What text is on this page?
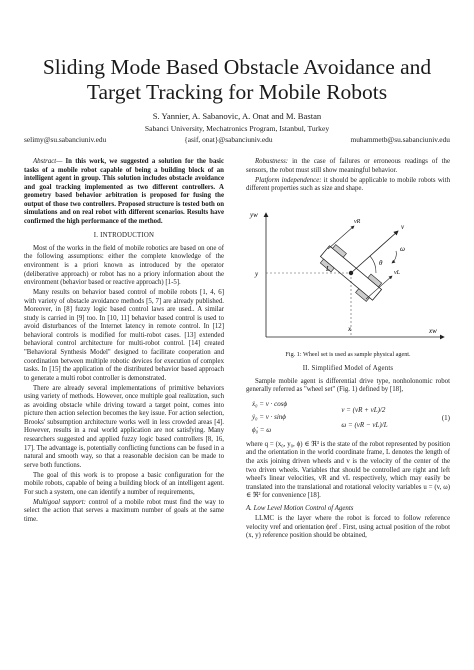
Sliding Mode Based Obstacle Avoidance and
Target Tracking for Mobile Robots
S. Yannier, A. Sabanovic, A. Onat and M. Bastan
Sabanci University, Mechatronics Program, Istanbul, Turkey
selimy@su.sabanciuniv.edu	{asif, onat}@sabanciuniv.edu	muhammetb@su.sabanciuniv.edu

Abstract— In this work, we suggested a solution for the basic tasks of a mobile robot capable of being a building block of an intelligent agent in group. This solution includes obstacle avoidance and goal tracking implemented as two different controllers. A geometry based behavior arbitration is proposed for fusing the output of those two controllers. Proposed structure is tested both on simulations and on real robot with different scenarios. Results have confirmed the high performance of the method.

I. INTRODUCTION

Most of the works in the field of mobile robotics are based on one of the following assumptions: either the complete knowledge of the environment is a priori known as introduced by the operator (deliberative approach) or robot has no a priory information about the environment (behavior based or reactive approach) [1-5].

Many results on behavior based control of mobile robots [1, 4, 6] with variety of obstacle avoidance methods [5, 7] are already published. Moreover, in [8] fuzzy logic based control laws are used.. A similar study is carried in [9] too. In [10, 11] behavior based control is used to avoid disturbances of the Internet latency in remote control. In [12] behavioral controls is modified for multi-robot cases. [13] extended behavioral control architecture for multi-robot control. [14] created "Behavioral Synthesis Model" designed to facilitate cooperation and coordination between multiple robotic devices for execution of complex tasks. In [15] the application of the distributed behavior based approach to generate a multi robot controller is demonstrated.

There are already several implementations of primitive behaviors using variety of methods. However, once multiple goal realization, such as avoiding obstacle while driving toward a target point, comes into picture then action selection becomes the key issue. For action selection, Brooks' subsumption architecture works well in less crowded areas [4]. However, results in a real world application are not satisfying. Many researchers suggested and applied fuzzy logic based controllers [8, 16, 17]. The advantage is, potentially conflicting functions can be fused in a natural and smooth way, so that a reasonable decision can be made to serve both functions.

The goal of this work is to propose a basic configuration for the mobile robots, capable of being a building block of an intelligent agent. For such a system, one can identify a number of requirements,

Multigoal support: control of a mobile robot must find the way to select the action that serves a maximum number of goals at the same time.

Robustness: in the case of failures or erroneous readings of the sensors, the robot must still show meaningful behavior.

Platform independence: it should be applicable to mobile robots with different properties such as size and shape.

yw
y
x	xw
θ
v
vR
vL
ω
L
Fig. 1: Wheel set is used as sample physical agent.
II. Simplified Model of Agents

Sample mobile agent is differential drive type, nonholonomic robot generally referred as "wheel set" (Fig. 1) defined by [18],

ẋ₀ = v · cosϕ
ẏ₀ = v · sinϕ
ϕ̇₀ = ω
v = (vR + vL)/2
ω = (vR − vL)/L
(1)

where q = (x₀, y₀, ϕ) ∈ ℜ³ is the state of the robot represented by position and the orientation in the world coordinate frame, L denotes the length of the axis joining driven wheels and v is the velocity of the center of the two driven wheels. Variables that should be controlled are right and left wheel's linear velocities, vR and vL respectively, which may easily be translated into the translational and rotational velocity variables u = (v, ω) ∈ ℜ² for convenience [18].

A. Low Level Motion Control of Agents

LLMC is the layer where the robot is forced to follow reference velocity vref and orientation ϕref . First, using actual position of the robot (x, y) reference position should be obtained,
